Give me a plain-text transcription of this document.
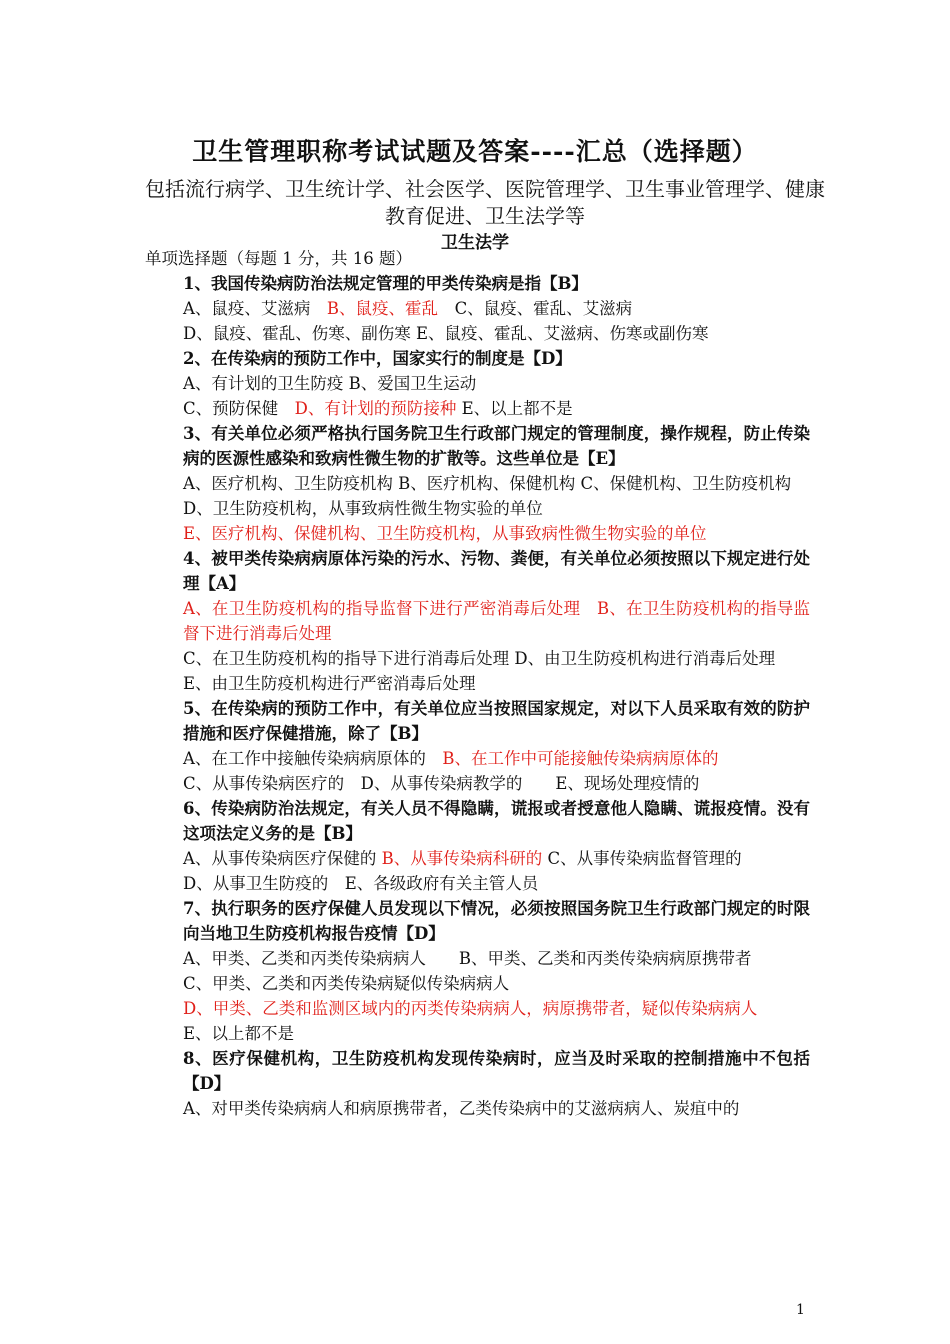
卫生管理职称考试试题及答案----汇总（选择题）
包括流行病学、卫生统计学、社会医学、医院管理学、卫生事业管理学、健康教育促进、卫生法学等
卫生法学
单项选择题（每题 1 分，共 16 题）
1、我国传染病防治法规定管理的甲类传染病是指【B】
A、鼠疫、艾滋病　B、鼠疫、霍乱　C、鼠疫、霍乱、艾滋病
D、鼠疫、霍乱、伤寒、副伤寒 E、鼠疫、霍乱、艾滋病、伤寒或副伤寒
2、在传染病的预防工作中，国家实行的制度是【D】
A、有计划的卫生防疫 B、爱国卫生运动
C、预防保健　D、有计划的预防接种 E、以上都不是
3、有关单位必须严格执行国务院卫生行政部门规定的管理制度，操作规程，防止传染病的医源性感染和致病性微生物的扩散等。这些单位是【E】
A、医疗机构、卫生防疫机构 B、医疗机构、保健机构 C、保健机构、卫生防疫机构
D、卫生防疫机构，从事致病性微生物实验的单位
E、医疗机构、保健机构、卫生防疫机构，从事致病性微生物实验的单位
4、被甲类传染病病原体污染的污水、污物、粪便，有关单位必须按照以下规定进行处理【A】
A、在卫生防疫机构的指导监督下进行严密消毒后处理　B、在卫生防疫机构的指导监督下进行消毒后处理
C、在卫生防疫机构的指导下进行消毒后处理 D、由卫生防疫机构进行消毒后处理
E、由卫生防疫机构进行严密消毒后处理
5、在传染病的预防工作中，有关单位应当按照国家规定，对以下人员采取有效的防护措施和医疗保健措施，除了【B】
A、在工作中接触传染病病原体的　B、在工作中可能接触传染病病原体的
C、从事传染病医疗的　D、从事传染病教学的　　E、现场处理疫情的
6、传染病防治法规定，有关人员不得隐瞒，谎报或者授意他人隐瞒、谎报疫情。没有这项法定义务的是【B】
A、从事传染病医疗保健的 B、从事传染病科研的 C、从事传染病监督管理的
D、从事卫生防疫的　E、各级政府有关主管人员
7、执行职务的医疗保健人员发现以下情况，必须按照国务院卫生行政部门规定的时限向当地卫生防疫机构报告疫情【D】
A、甲类、乙类和丙类传染病病人　　B、甲类、乙类和丙类传染病病原携带者
C、甲类、乙类和丙类传染病疑似传染病病人
D、甲类、乙类和监测区域内的丙类传染病病人，病原携带者，疑似传染病病人
E、以上都不是
8、医疗保健机构，卫生防疫机构发现传染病时，应当及时采取的控制措施中不包括【D】
A、对甲类传染病病人和病原携带者，乙类传染病中的艾滋病病人、炭疽中的
1
